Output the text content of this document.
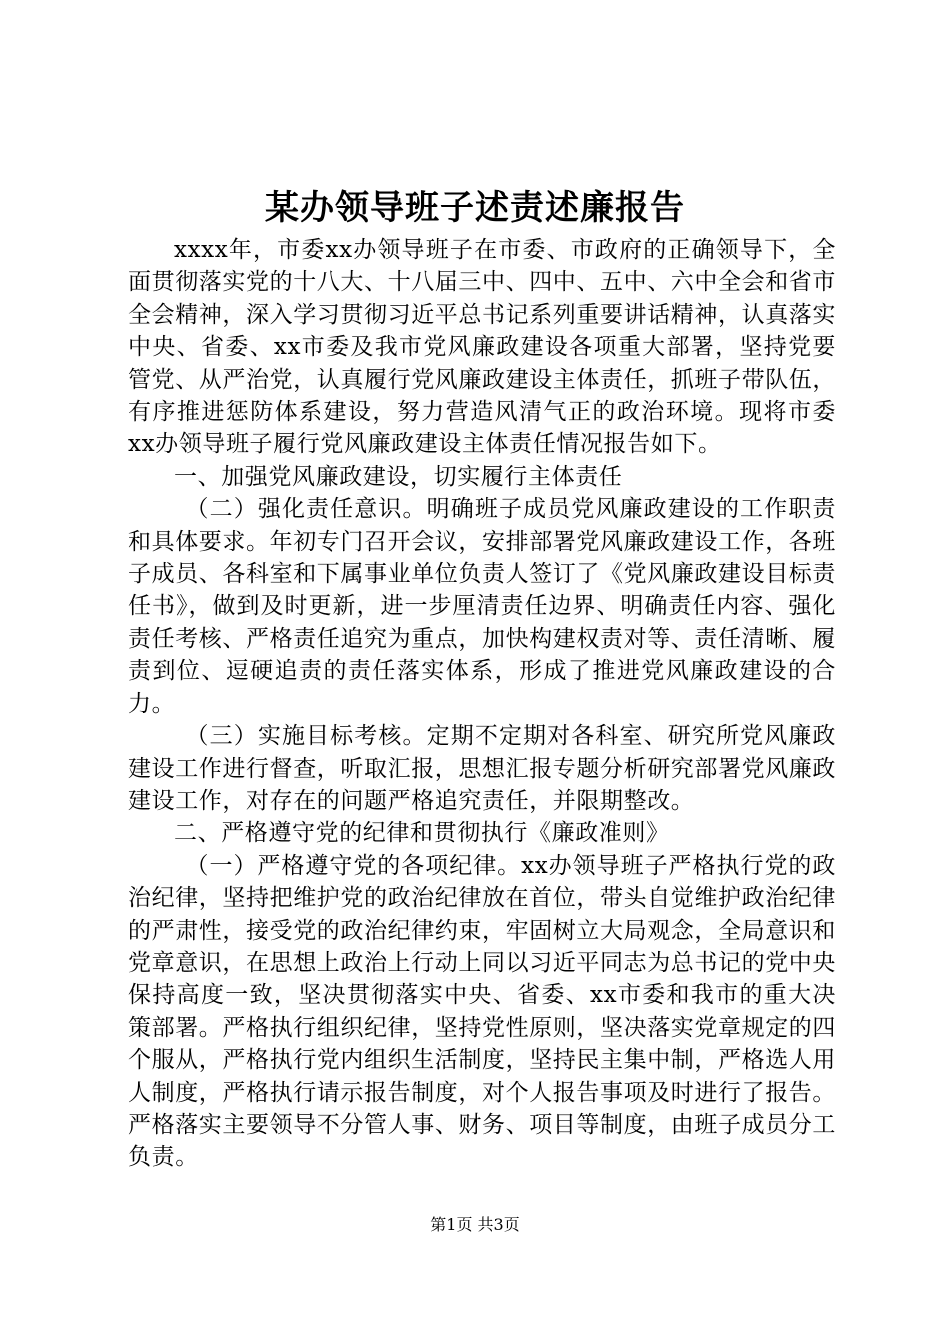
某办领导班子述责述廉报告

xxxx年，市委xx办领导班子在市委、市政府的正确领导下，全面贯彻落实党的十八大、十八届三中、四中、五中、六中全会和省市全会精神，深入学习贯彻习近平总书记系列重要讲话精神，认真落实中央、省委、xx市委及我市党风廉政建设各项重大部署，坚持党要管党、从严治党，认真履行党风廉政建设主体责任，抓班子带队伍，有序推进惩防体系建设，努力营造风清气正的政治环境。现将市委xx办领导班子履行党风廉政建设主体责任情况报告如下。

一、加强党风廉政建设，切实履行主体责任

（二）强化责任意识。明确班子成员党风廉政建设的工作职责和具体要求。年初专门召开会议，安排部署党风廉政建设工作，各班子成员、各科室和下属事业单位负责人签订了《党风廉政建设目标责任书》，做到及时更新，进一步厘清责任边界、明确责任内容、强化责任考核、严格责任追究为重点，加快构建权责对等、责任清晰、履责到位、逗硬追责的责任落实体系，形成了推进党风廉政建设的合力。

（三）实施目标考核。定期不定期对各科室、研究所党风廉政建设工作进行督查，听取汇报，思想汇报专题分析研究部署党风廉政建设工作，对存在的问题严格追究责任，并限期整改。

二、严格遵守党的纪律和贯彻执行《廉政准则》

（一）严格遵守党的各项纪律。xx办领导班子严格执行党的政治纪律，坚持把维护党的政治纪律放在首位，带头自觉维护政治纪律的严肃性，接受党的政治纪律约束，牢固树立大局观念，全局意识和党章意识，在思想上政治上行动上同以习近平同志为总书记的党中央保持高度一致，坚决贯彻落实中央、省委、xx市委和我市的重大决策部署。严格执行组织纪律，坚持党性原则，坚决落实党章规定的四个服从，严格执行党内组织生活制度，坚持民主集中制，严格选人用人制度，严格执行请示报告制度，对个人报告事项及时进行了报告。严格落实主要领导不分管人事、财务、项目等制度，由班子成员分工负责。

第1页 共3页
